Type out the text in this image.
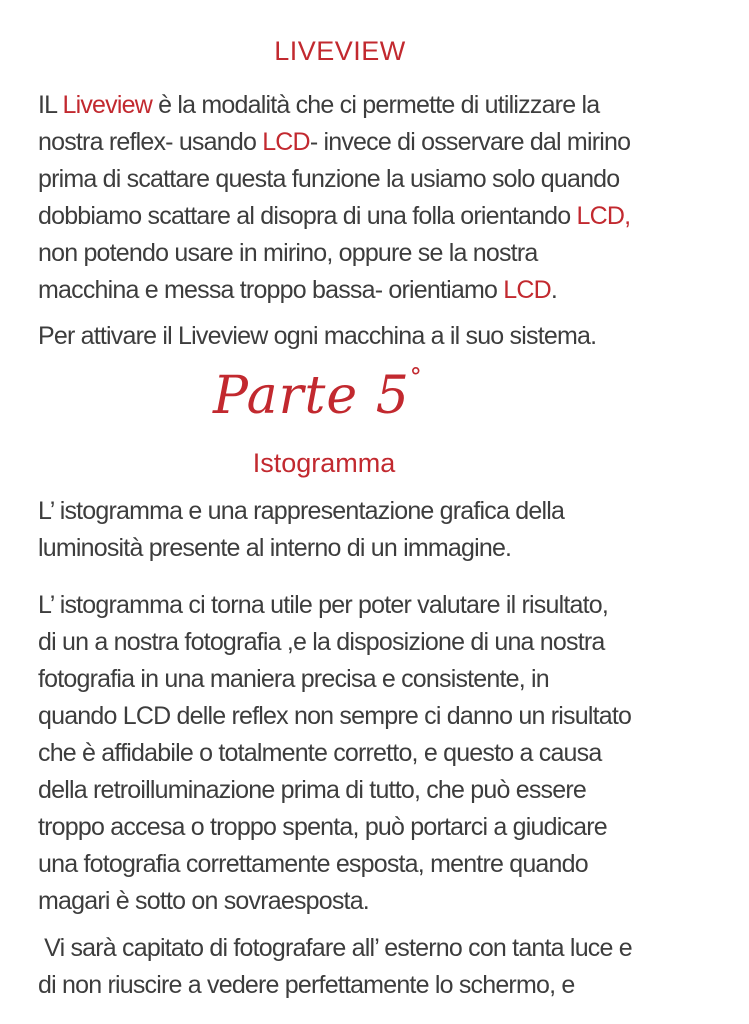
LIVEVIEW
IL Liveview è la modalità che ci permette di utilizzare la
nostra reflex- usando LCD- invece di osservare dal mirino
prima di scattare questa funzione la usiamo solo quando
dobbiamo scattare al disopra di una folla orientando LCD,
non potendo usare in mirino, oppure se la nostra
macchina e messa troppo bassa- orientiamo LCD.
Per attivare il Liveview ogni macchina a il suo sistema.
Parte 5°
Istogramma
L’ istogramma e una rappresentazione grafica della
luminosità presente al interno di un immagine.
L’ istogramma ci torna utile per poter valutare il risultato,
di un a nostra fotografia ,e la disposizione di una nostra
fotografia in una maniera precisa e consistente, in
quando LCD delle reflex non sempre ci danno un risultato
che è affidabile o totalmente corretto, e questo a causa
della retroilluminazione prima di tutto, che può essere
troppo accesa o troppo spenta, può portarci a giudicare
una fotografia correttamente esposta, mentre quando
magari è sotto on sovraesposta.
Vi sarà capitato di fotografare all’ esterno con tanta luce e
di non riuscire a vedere perfettamente lo schermo, e
